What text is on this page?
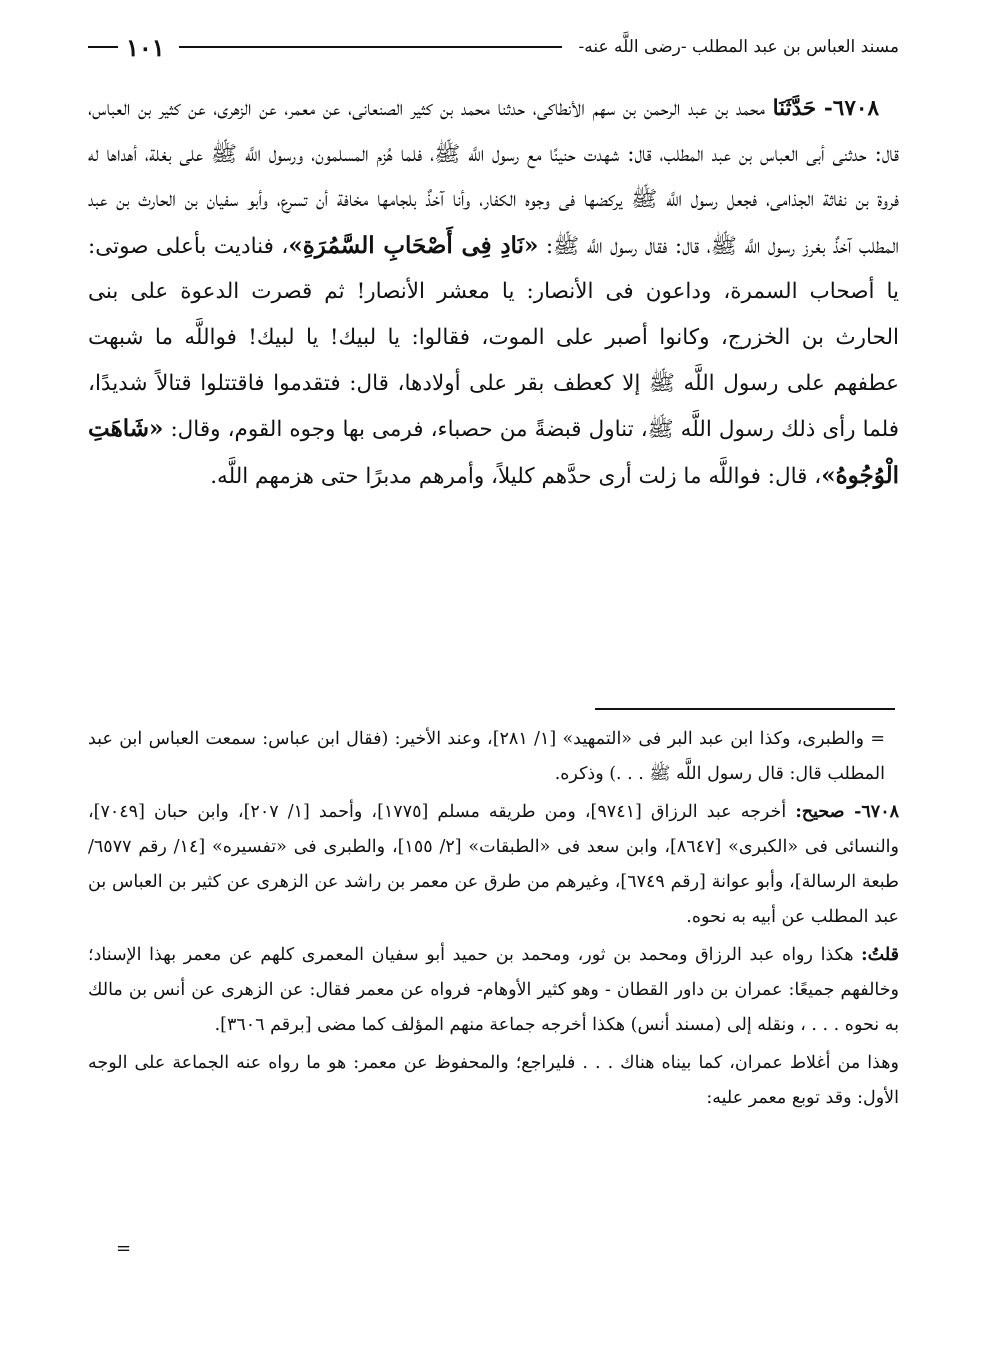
مسند العباس بن عبد المطلب -رضى اللَّه عنه-
١٠١

٦٧٠٨- حَدَّثَنَا محمد بن عبد الرحمن بن سهم الأنطاكى، حدثنا محمد بن كثير الصنعانى، عن معمر، عن الزهرى، عن كثير بن العباس، قال: حدثنى أبى العباس بن عبد المطلب، قال: شهدت حنينًا مع رسول اللَّه ﷺ، فلما هُزم المسلمون، ورسول اللَّه ﷺ على بغلة، أهداها له فروة بن نفاثة الجذامى، فجعل رسول اللَّه ﷺ يركضها فى وجوه الكفار، وأنا آخذٌ بلجامها مخافة أن تسرع، وأبو سفيان بن الحارث بن عبد المطلب آخذٌ بغرز رسول اللَّه ﷺ، قال: فقال رسول اللَّه ﷺ: «نَادِ فِى أَصْحَابِ السَّمُرَةِ»، فناديت بأعلى صوتى: يا أصحاب السمرة، وداعون فى الأنصار: يا معشر الأنصار! ثم قصرت الدعوة على بنى الحارث بن الخزرج، وكانوا أصبر على الموت، فقالوا: يا لبيك! يا لبيك! فواللَّه ما شبهت عطفهم على رسول اللَّه ﷺ إلا كعطف بقر على أولادها، قال: فتقدموا فاقتتلوا قتالاً شديدًا، فلما رأى ذلك رسول اللَّه ﷺ، تناول قبضةً من حصباء، فرمى بها وجوه القوم، وقال: «شَاهَتِ الْوُجُوهُ»، قال: فواللَّه ما زلت أرى حدَّهم كليلاً، وأمرهم مدبرًا حتى هزمهم اللَّه.

= والطبرى، وكذا ابن عبد البر فى «التمهيد» [١/ ٢٨١]، وعند الأخير: (فقال ابن عباس: سمعت العباس ابن عبد المطلب قال: قال رسول اللَّه ﷺ . . .) وذكره.

٦٧٠٨- صحيح: أخرجه عبد الرزاق [٩٧٤١]، ومن طريقه مسلم [١٧٧٥]، وأحمد [١/ ٢٠٧]، وابن حبان [٧٠٤٩]، والنسائى فى «الكبرى» [٨٦٤٧]، وابن سعد فى «الطبقات» [٢/ ١٥٥]، والطبرى فى «تفسيره» [١٤/ رقم ٦٥٧٧/ طبعة الرسالة]، وأبو عوانة [رقم ٦٧٤٩]، وغيرهم من طرق عن معمر بن راشد عن الزهرى عن كثير بن العباس بن عبد المطلب عن أبيه به نحوه.

قلتُ: هكذا رواه عبد الرزاق ومحمد بن ثور، ومحمد بن حميد أبو سفيان المعمرى كلهم عن معمر بهذا الإسناد؛ وخالفهم جميعًا: عمران بن داور القطان - وهو كثير الأوهام- فرواه عن معمر فقال: عن الزهرى عن أنس بن مالك به نحوه . . . ، ونقله إلى (مسند أنس) هكذا أخرجه جماعة منهم المؤلف كما مضى [برقم ٣٦٠٦].

وهذا من أغلاط عمران، كما بيناه هناك . . . فليراجع؛ والمحفوظ عن معمر: هو ما رواه عنه الجماعة على الوجه الأول: وقد توبع معمر عليه:

=
